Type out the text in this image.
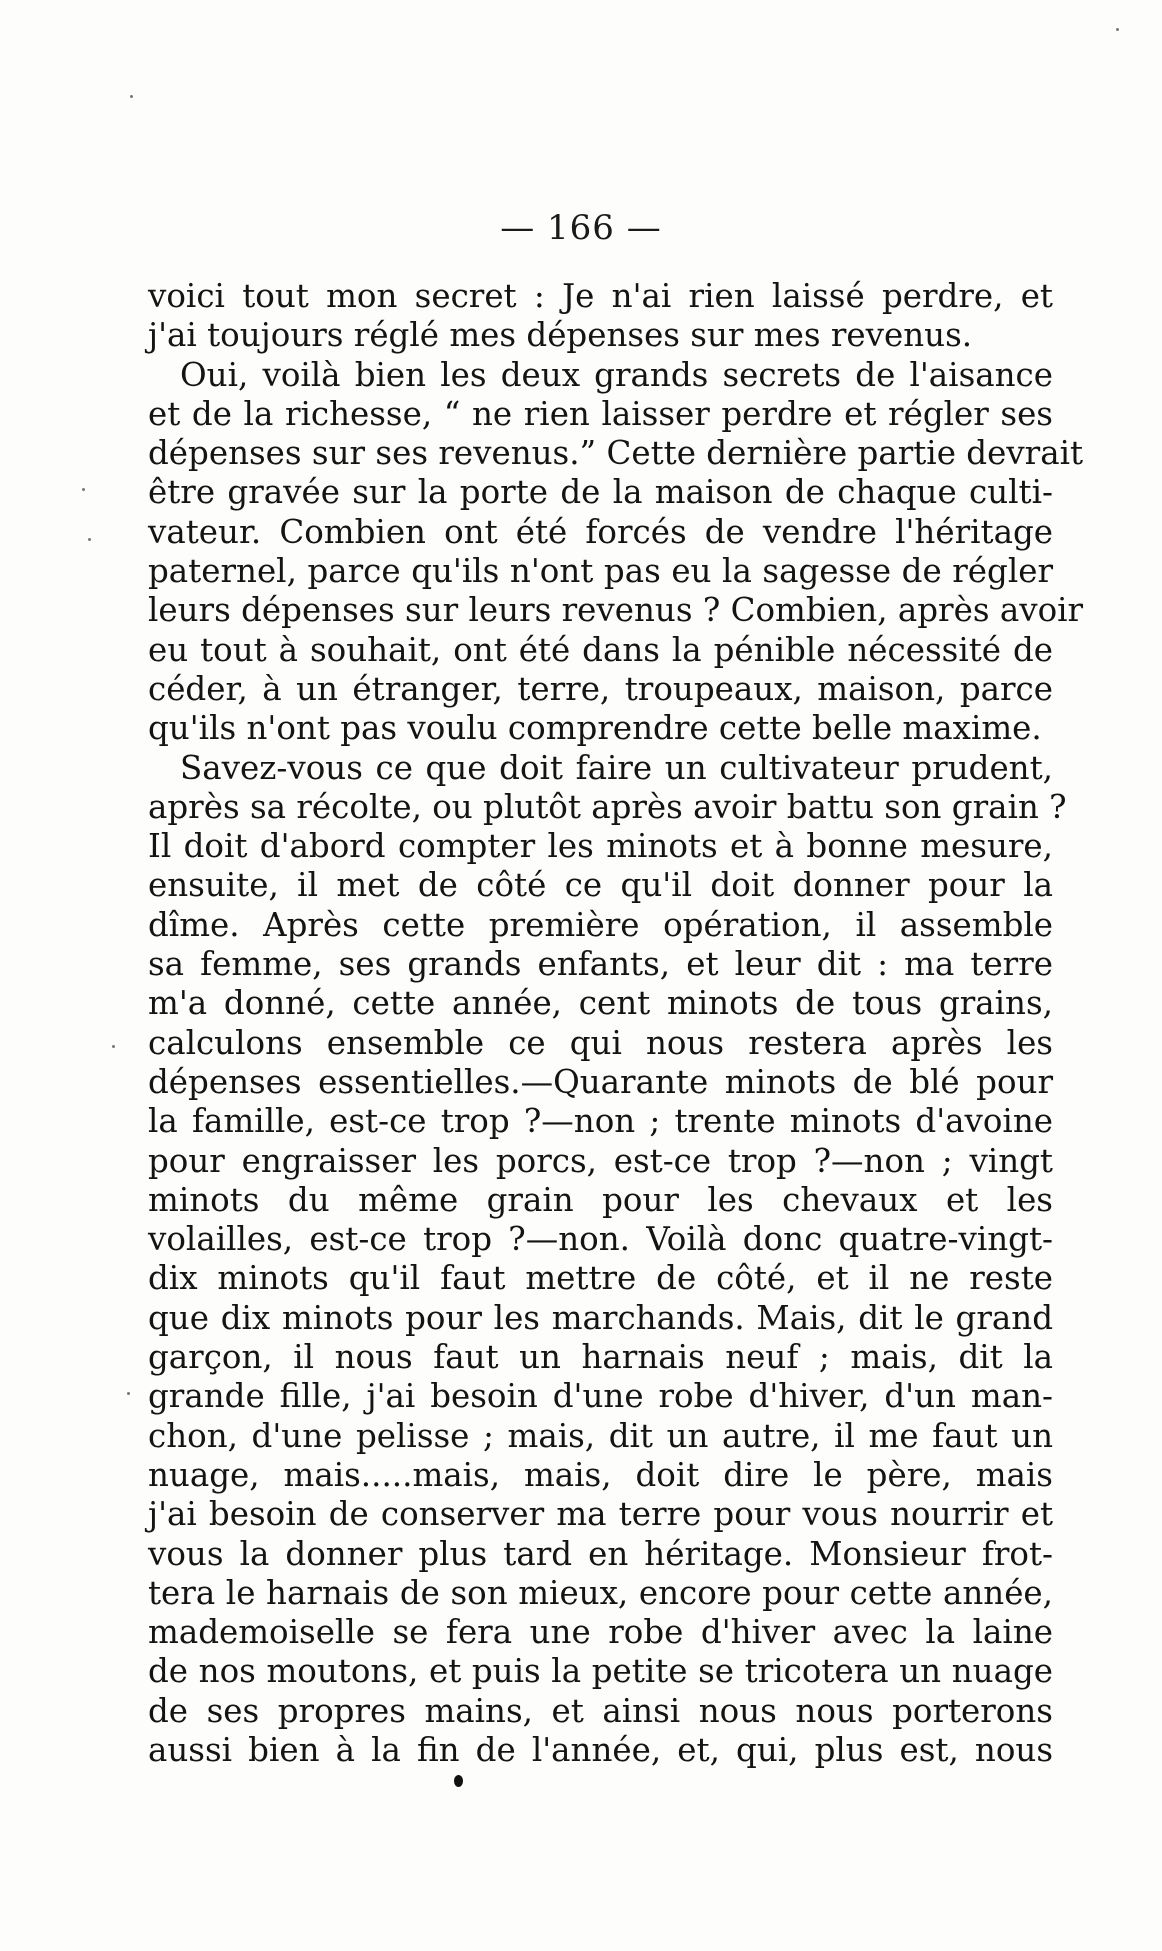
— 166 —
voici tout mon secret : Je n'ai rien laissé perdre, et
j'ai toujours réglé mes dépenses sur mes revenus.
Oui, voilà bien les deux grands secrets de l'aisance
et de la richesse, “ ne rien laisser perdre et régler ses
dépenses sur ses revenus.” Cette dernière partie devrait
être gravée sur la porte de la maison de chaque culti-
vateur. Combien ont été forcés de vendre l'héritage
paternel, parce qu'ils n'ont pas eu la sagesse de régler
leurs dépenses sur leurs revenus ? Combien, après avoir
eu tout à souhait, ont été dans la pénible nécessité de
céder, à un étranger, terre, troupeaux, maison, parce
qu'ils n'ont pas voulu comprendre cette belle maxime.
Savez-vous ce que doit faire un cultivateur prudent,
après sa récolte, ou plutôt après avoir battu son grain ?
Il doit d'abord compter les minots et à bonne mesure,
ensuite, il met de côté ce qu'il doit donner pour la
dîme. Après cette première opération, il assemble
sa femme, ses grands enfants, et leur dit : ma terre
m'a donné, cette année, cent minots de tous grains,
calculons ensemble ce qui nous restera après les
dépenses essentielles.—Quarante minots de blé pour
la famille, est-ce trop ?—non ; trente minots d'avoine
pour engraisser les porcs, est-ce trop ?—non ; vingt
minots du même grain pour les chevaux et les
volailles, est-ce trop ?—non. Voilà donc quatre-vingt-
dix minots qu'il faut mettre de côté, et il ne reste
que dix minots pour les marchands. Mais, dit le grand
garçon, il nous faut un harnais neuf ; mais, dit la
grande fille, j'ai besoin d'une robe d'hiver, d'un man-
chon, d'une pelisse ; mais, dit un autre, il me faut un
nuage, mais.....mais, mais, doit dire le père, mais
j'ai besoin de conserver ma terre pour vous nourrir et
vous la donner plus tard en héritage. Monsieur frot-
tera le harnais de son mieux, encore pour cette année,
mademoiselle se fera une robe d'hiver avec la laine
de nos moutons, et puis la petite se tricotera un nuage
de ses propres mains, et ainsi nous nous porterons
aussi bien à la fin de l'année, et, qui, plus est, nous
